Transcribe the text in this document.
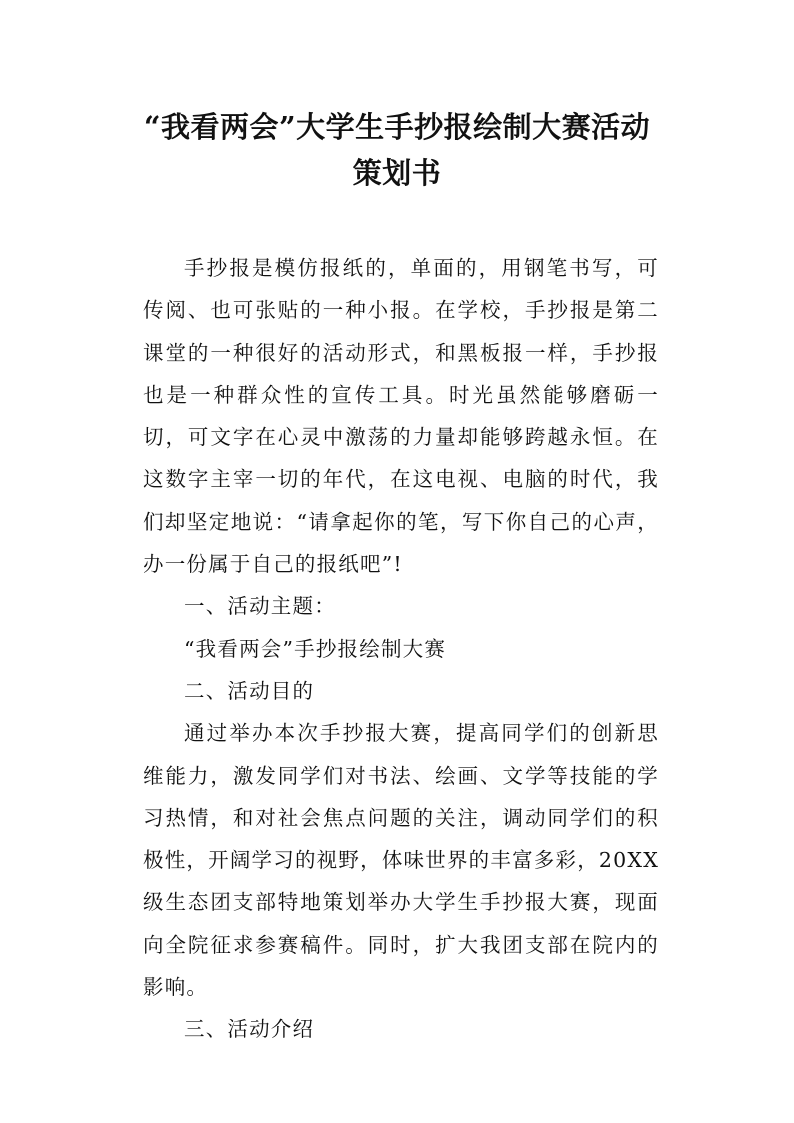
“我看两会”大学生手抄报绘制大赛活动
策划书

手抄报是模仿报纸的，单面的，用钢笔书写，可传阅、也可张贴的一种小报。在学校，手抄报是第二课堂的一种很好的活动形式，和黑板报一样，手抄报也是一种群众性的宣传工具。时光虽然能够磨砺一切，可文字在心灵中激荡的力量却能够跨越永恒。在这数字主宰一切的年代，在这电视、电脑的时代，我们却坚定地说：“请拿起你的笔，写下你自己的心声，办一份属于自己的报纸吧”!

一、活动主题：

“我看两会”手抄报绘制大赛

二、活动目的

通过举办本次手抄报大赛，提高同学们的创新思维能力，激发同学们对书法、绘画、文学等技能的学习热情，和对社会焦点问题的关注，调动同学们的积极性，开阔学习的视野，体味世界的丰富多彩，20XX级生态团支部特地策划举办大学生手抄报大赛，现面向全院征求参赛稿件。同时，扩大我团支部在院内的影响。

三、活动介绍
